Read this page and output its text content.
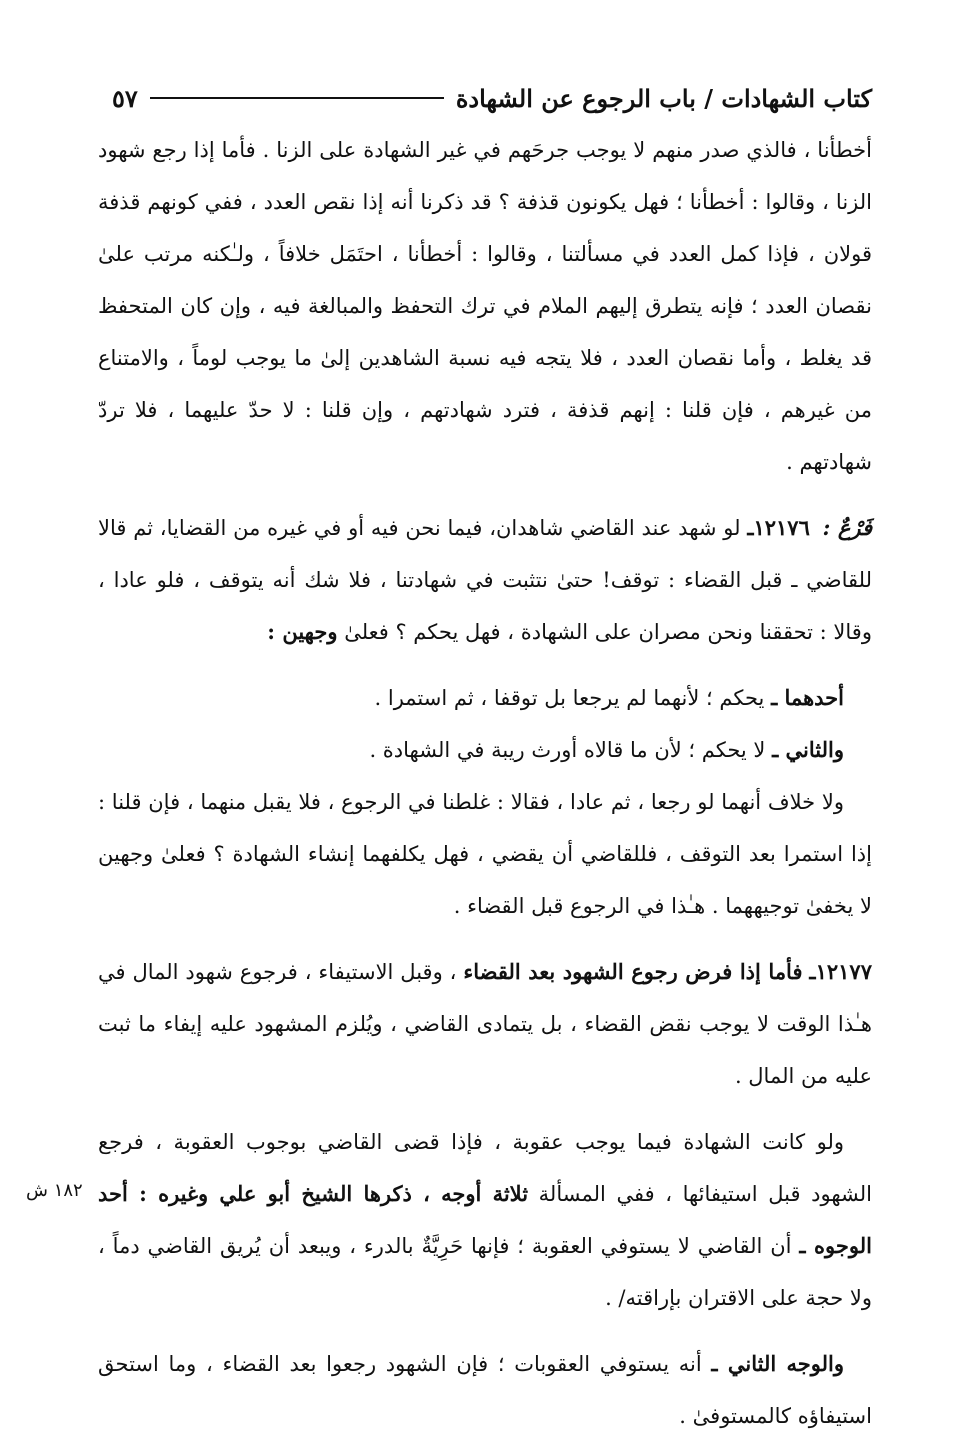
كتاب الشهادات / باب الرجوع عن الشهادة
٥٧

أخطأنا ، فالذي صدر منهم لا يوجب جرحَهم في غير الشهادة على الزنا . فأما إذا رجع شهود الزنا ، وقالوا : أخطأنا ؛ فهل يكونون قذفة ؟ قد ذكرنا أنه إذا نقص العدد ، ففي كونهم قذفة قولان ، فإذا كمل العدد في مسألتنا ، وقالوا : أخطأنا ، احتَمَل خلافاً ، ولـٰكنه مرتب علىٰ نقصان العدد ؛ فإنه يتطرق إليهم الملام في ترك التحفظ والمبالغة فيه ، وإن كان المتحفظ قد يغلط ، وأما نقصان العدد ، فلا يتجه فيه نسبة الشاهدين إلىٰ ما يوجب لوماً ، والامتناع من غيرهم ، فإن قلنا : إنهم قذفة ، فترد شهادتهم ، وإن قلنا : لا حدّ عليهما ، فلا تردّ شهادتهم .

فَرْعٌ : ١٢١٧٦ـ لو شهد عند القاضي شاهدان، فيما نحن فيه أو في غيره من القضايا، ثم قالا للقاضي ـ قبل القضاء : توقف! حتىٰ نتثبت في شهادتنا ، فلا شك أنه يتوقف ، فلو عادا ، وقالا : تحققنا ونحن مصران على الشهادة ، فهل يحكم ؟ فعلىٰ وجهين :

أحدهما ـ يحكم ؛ لأنهما لم يرجعا بل توقفا ، ثم استمرا .

والثاني ـ لا يحكم ؛ لأن ما قالاه أورث ريبة في الشهادة .

ولا خلاف أنهما لو رجعا ، ثم عادا ، فقالا : غلطنا في الرجوع ، فلا يقبل منهما ، فإن قلنا : إذا استمرا بعد التوقف ، فللقاضي أن يقضي ، فهل يكلفهما إنشاء الشهادة ؟ فعلىٰ وجهين لا يخفىٰ توجيههما . هـٰذا في الرجوع قبل القضاء .

١٢١٧٧ـ فأما إذا فرض رجوع الشهود بعد القضاء ، وقبل الاستيفاء ، فرجوع شهود المال في هـٰذا الوقت لا يوجب نقض القضاء ، بل يتمادى القاضي ، ويُلزم المشهود عليه إيفاء ما ثبت عليه من المال .

ولو كانت الشهادة فيما يوجب عقوبة ، فإذا قضى القاضي بوجوب العقوبة ، فرجع الشهود قبل استيفائها ، ففي المسألة ثلاثة أوجه ، ذكرها الشيخ أبو علي وغيره : أحد الوجوه ـ أن القاضي لا يستوفي العقوبة ؛ فإنها حَرِيَّةٌ بالدرء ، ويبعد أن يُريق القاضي دماً ، ولا حجة على الاقتران بإراقته/ .

والوجه الثاني ـ أنه يستوفي العقوبات ؛ فإن الشهود رجعوا بعد القضاء ، وما استحق استيفاؤه كالمستوفىٰ .

١٨٢ ش
